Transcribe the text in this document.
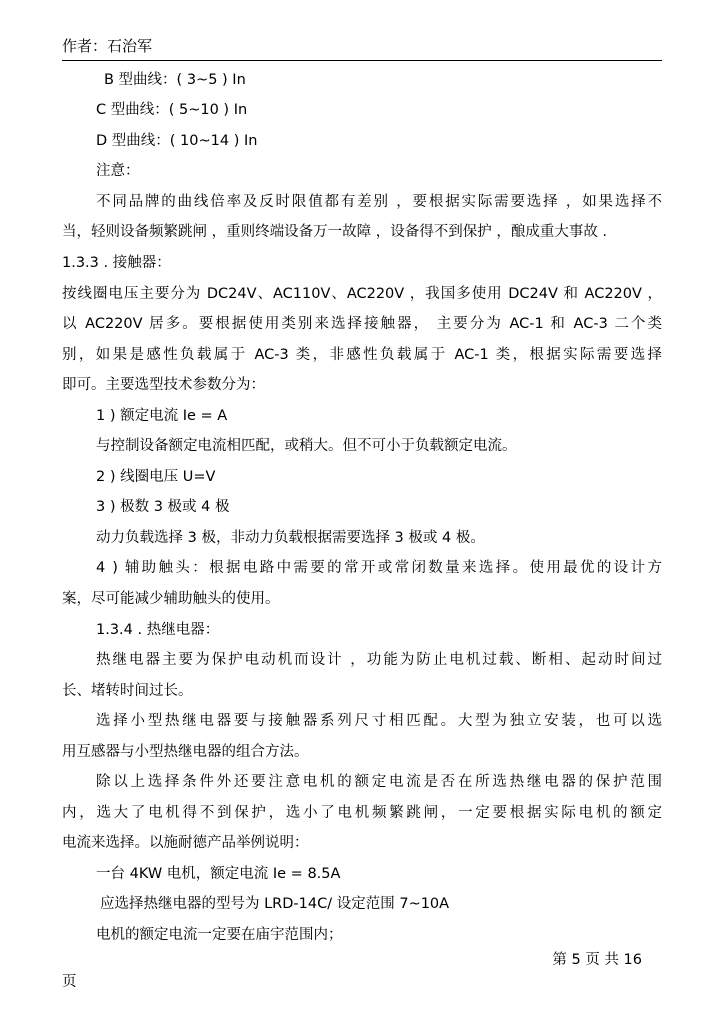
作者：石治军
B 型曲线：( 3~5 ) In
C 型曲线：( 5~10 ) In
D 型曲线：( 10~14 ) In
注意：
不同品牌的曲线倍率及反时限值都有差别 ，要根据实际需要选择 ，如果选择不
当，轻则设备频繁跳闸 ，重则终端设备万一故障 ，设备得不到保护 ，酿成重大事故 .
1.3.3 . 接触器：
按线圈电压主要分为 DC24V、AC110V、AC220V ，我国多使用 DC24V 和 AC220V ，
以 AC220V 居多。要根据使用类别来选择接触器， 主要分为 AC-1 和 AC-3 二个类
别，如果是感性负载属于 AC-3 类，非感性负载属于 AC-1 类，根据实际需要选择
即可。主要选型技术参数分为：
1 ) 额定电流 Ie = A
与控制设备额定电流相匹配，或稍大。但不可小于负载额定电流。
2 ) 线圈电压 U=V
3 ) 极数 3 极或 4 极
动力负载选择 3 极，非动力负载根据需要选择 3 极或 4 极。
4 ) 辅助触头：根据电路中需要的常开或常闭数量来选择。使用最优的设计方
案，尽可能减少辅助触头的使用。
1.3.4 . 热继电器：
热继电器主要为保护电动机而设计 ，功能为防止电机过载、断相、起动时间过
长、堵转时间过长。
选择小型热继电器要与接触器系列尺寸相匹配。大型为独立安装，也可以选
用互感器与小型热继电器的组合方法。
除以上选择条件外还要注意电机的额定电流是否在所选热继电器的保护范围
内，选大了电机得不到保护，选小了电机频繁跳闸，一定要根据实际电机的额定
电流来选择。以施耐德产品举例说明：
一台 4KW 电机，额定电流 Ie = 8.5A
应选择热继电器的型号为 LRD-14C/ 设定范围 7~10A
电机的额定电流一定要在庙宇范围内；
第 5 页 共 16
页
